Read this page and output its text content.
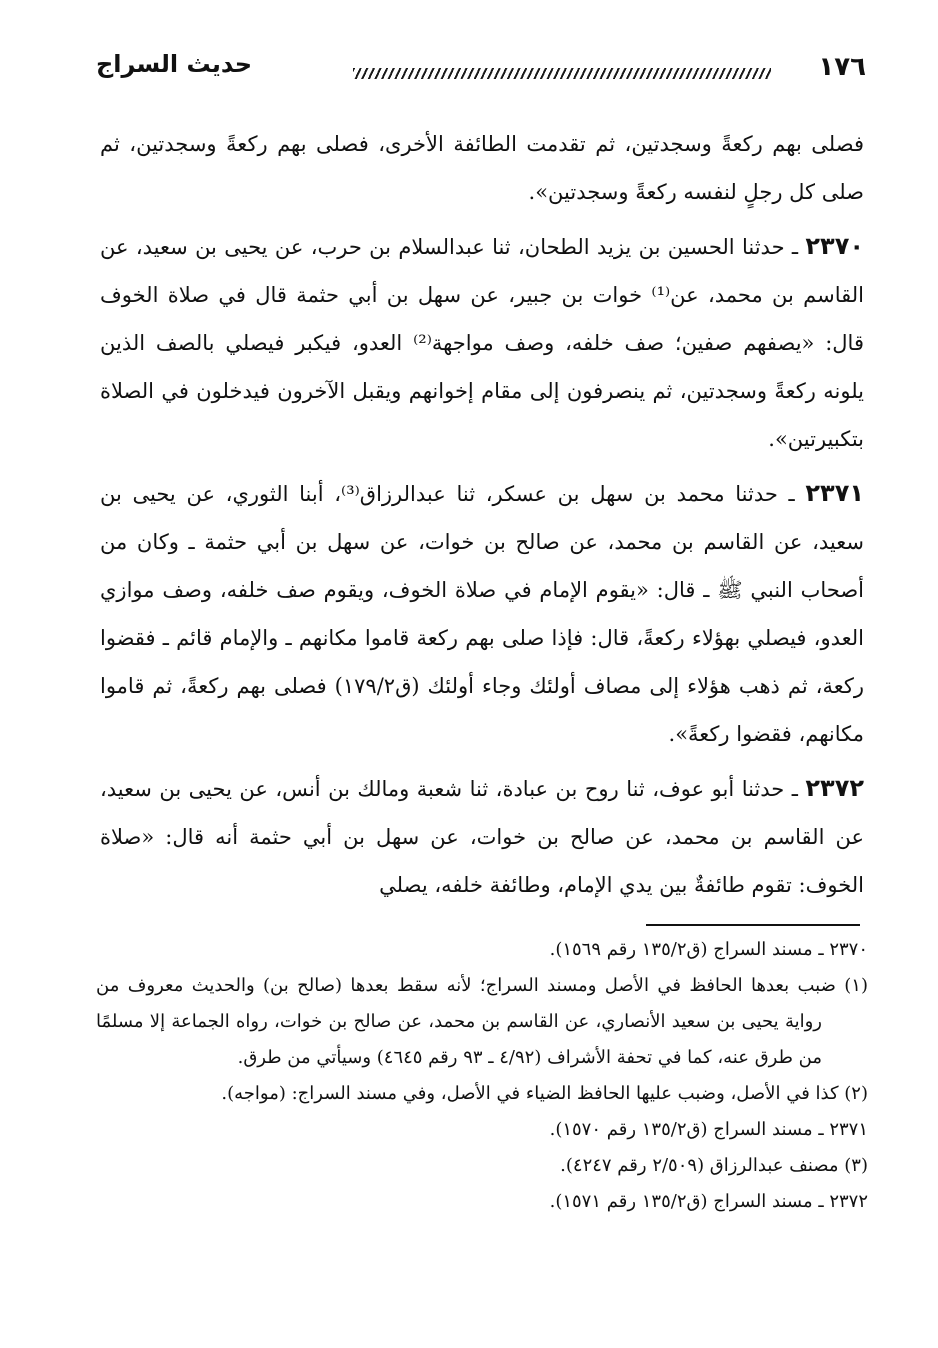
١٧٦
حديث السراج

فصلى بهم ركعةً وسجدتين، ثم تقدمت الطائفة الأخرى، فصلى بهم ركعةً وسجدتين، ثم صلى كل رجلٍ لنفسه ركعةً وسجدتين».

٢٣٧٠ ـ حدثنا الحسين بن يزيد الطحان، ثنا عبدالسلام بن حرب، عن يحيى بن سعيد، عن القاسم بن محمد، عن⁽¹⁾ خوات بن جبير، عن سهل بن أبي حثمة قال في صلاة الخوف قال: «يصفهم صفين؛ صف خلفه، وصف مواجهة⁽²⁾ العدو، فيكبر فيصلي بالصف الذين يلونه ركعةً وسجدتين، ثم ينصرفون إلى مقام إخوانهم ويقبل الآخرون فيدخلون في الصلاة بتكبيرتين».

٢٣٧١ ـ حدثنا محمد بن سهل بن عسكر، ثنا عبدالرزاق⁽³⁾، أبنا الثوري، عن يحيى بن سعيد، عن القاسم بن محمد، عن صالح بن خوات، عن سهل بن أبي حثمة ـ وكان من أصحاب النبي ﷺ ـ قال: «يقوم الإمام في صلاة الخوف، ويقوم صف خلفه، وصف موازي العدو، فيصلي بهؤلاء ركعةً، قال: فإذا صلى بهم ركعة قاموا مكانهم ـ والإمام قائم ـ فقضوا ركعة، ثم ذهب هؤلاء إلى مصاف أولئك وجاء أولئك (ق١٧٩/٢) فصلى بهم ركعةً، ثم قاموا مكانهم، فقضوا ركعةً».

٢٣٧٢ ـ حدثنا أبو عوف، ثنا روح بن عبادة، ثنا شعبة ومالك بن أنس، عن يحيى بن سعيد، عن القاسم بن محمد، عن صالح بن خوات، عن سهل بن أبي حثمة أنه قال: «صلاة الخوف: تقوم طائفةٌ بين يدي الإمام، وطائفة خلفه، يصلي

٢٣٧٠ ـ مسند السراج (ق١٣٥/٢ رقم ١٥٦٩).

(١) ضبب بعدها الحافظ في الأصل ومسند السراج؛ لأنه سقط بعدها (صالح بن) والحديث معروف من رواية يحيى بن سعيد الأنصاري، عن القاسم بن محمد، عن صالح بن خوات، رواه الجماعة إلا مسلمًا من طرق عنه، كما في تحفة الأشراف (٤/٩٢ ـ ٩٣ رقم ٤٦٤٥) وسيأتي من طرق.

(٢) كذا في الأصل، وضبب عليها الحافظ الضياء في الأصل، وفي مسند السراج: (مواجه).

٢٣٧١ ـ مسند السراج (ق١٣٥/٢ رقم ١٥٧٠).

(٣) مصنف عبدالرزاق (٢/٥٠٩ رقم ٤٢٤٧).

٢٣٧٢ ـ مسند السراج (ق١٣٥/٢ رقم ١٥٧١).
